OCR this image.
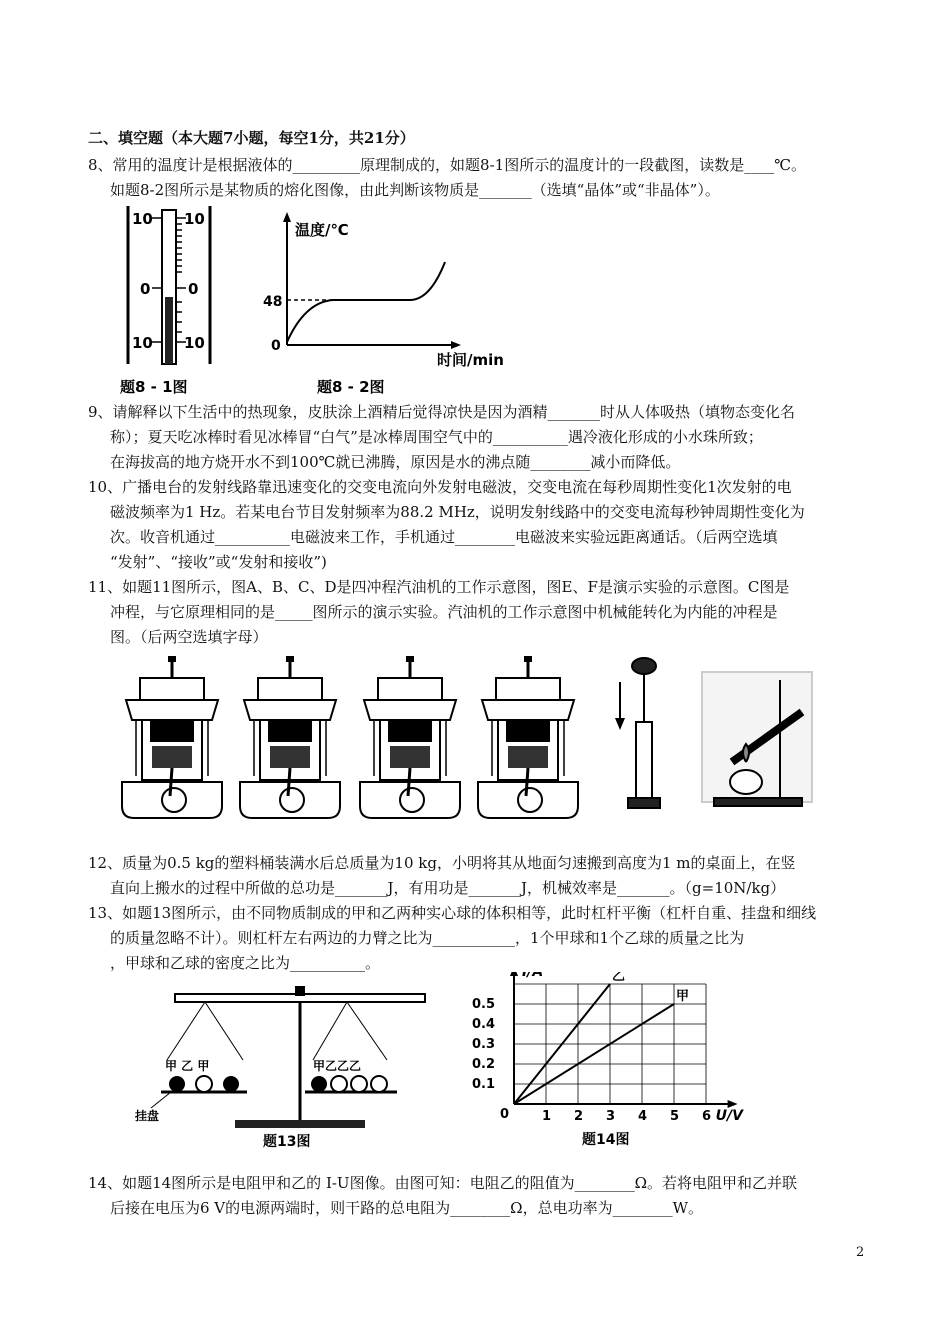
二、填空题（本大题7小题，每空1分，共21分）
8、常用的温度计是根据液体的_________原理制成的，如题8-1图所示的温度计的一段截图，读数是____℃。
如题8-2图所示是某物质的熔化图像，由此判断该物质是_______（选填“晶体”或“非晶体”）。
10 10
0	0
10 10
题8 - 1图
温度/℃
48
0
时间/min
题8 - 2图
9、请解释以下生活中的热现象，皮肤涂上酒精后觉得凉快是因为酒精_______时从人体吸热（填物态变化名
称）；夏天吃冰棒时看见冰棒冒“白气”是冰棒周围空气中的__________遇冷液化形成的小水珠所致；
在海拔高的地方烧开水不到100℃就已沸腾，原因是水的沸点随________减小而降低。
10、广播电台的发射线路靠迅速变化的交变电流向外发射电磁波，交变电流在每秒周期性变化1次发射的电
磁波频率为1 Hz。若某电台节目发射频率为88.2 MHz，说明发射线路中的交变电流每秒钟周期性变化为
次。收音机通过__________电磁波来工作，手机通过________电磁波来实验远距离通话。（后两空选填
“发射”、“接收”或“发射和接收”)
11、如题11图所示，图A、B、C、D是四冲程汽油机的工作示意图，图E、F是演示实验的示意图。C图是
冲程，与它原理相同的是_____图所示的演示实验。汽油机的工作示意图中机械能转化为内能的冲程是
图。（后两空选填字母）
12、质量为0.5 kg的塑料桶装满水后总质量为10 kg，小明将其从地面匀速搬到高度为1 m的桌面上，在竖
直向上搬水的过程中所做的总功是_______J，有用功是_______J，机械效率是_______。（g=10N/kg）
13、如题13图所示，由不同物质制成的甲和乙两种实心球的体积相等，此时杠杆平衡（杠杆自重、挂盘和细线
的质量忽略不计）。则杠杆左右两边的力臂之比为___________，1个甲球和1个乙球的质量之比为
，甲球和乙球的密度之比为__________。
甲 乙 甲	甲乙乙乙
挂盘
题13图	题14图
1 2 3 4 5 6
0.1
0.2
0.3
0.4
0.5
0	U/V
I/A	乙
甲
14、如题14图所示是电阻甲和乙的 I-U图像。由图可知：电阻乙的阻值为________Ω。若将电阻甲和乙并联
后接在电压为6 V的电源两端时，则干路的总电阻为________Ω，总电功率为________W。
2
